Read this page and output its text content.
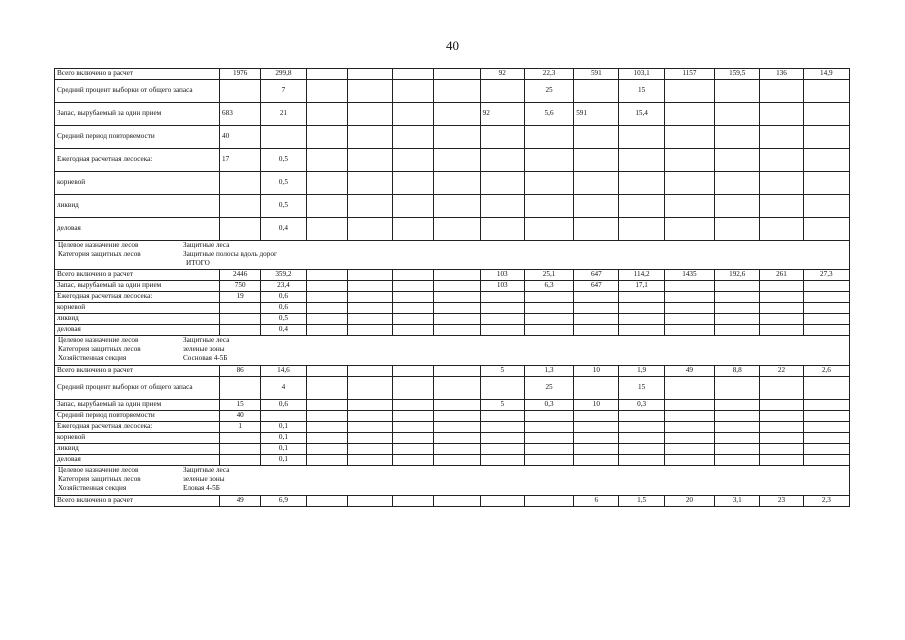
40
Всего включено в расчет	1976	299,8					92	22,3	591	103,1	1157	159,5	136	14,9
Средний процент выборки от общего запаса		7						25		15				
Запас, вырубаемый за один прием	683	21					92	5,6	591	15,4				
Средний период повторяемости	40													
Ежегодная расчетная лесосека:	17	0,5												
корневой		0,5												
ликвид		0,5												
деловая		0,4												

Целевое назначение лесов Защитные леса
Категория защитных лесов Защитные полосы вдоль дорог
ИТОГО														

Всего включено в расчет	2446	359,2					103	25,1	647	114,2	1435	192,6	261	27,3
Запас, вырубаемый за один прием	750	23,4					103	6,3	647	17,1				
Ежегодная расчетная лесосека:	19	0,6												
корневой		0,6												
ликвид		0,5												
деловая		0,4												

Целевое назначение лесов Защитные леса
Категория защитных лесов зеленые зоны
Хозяйственная секция Сосновая 4-5Б														

Всего включено в расчет	86	14,6					5	1,3	10	1,9	49	8,8	22	2,6
Средний процент выборки от общего запаса		4						25		15				
Запас, вырубаемый за один прием	15	0,6					5	0,3	10	0,3				
Средний период повторяемости	40													
Ежегодная расчетная лесосека:	1	0,1												
корневой		0,1												
ликвид		0,1												
деловая		0,1												

Целевое назначение лесов Защитные леса
Категория защитных лесов зеленые зоны
Хозяйственная секция Еловая 4-5Б														

Всего включено в расчет	49	6,9							6	1,5	20	3,1	23	2,3
